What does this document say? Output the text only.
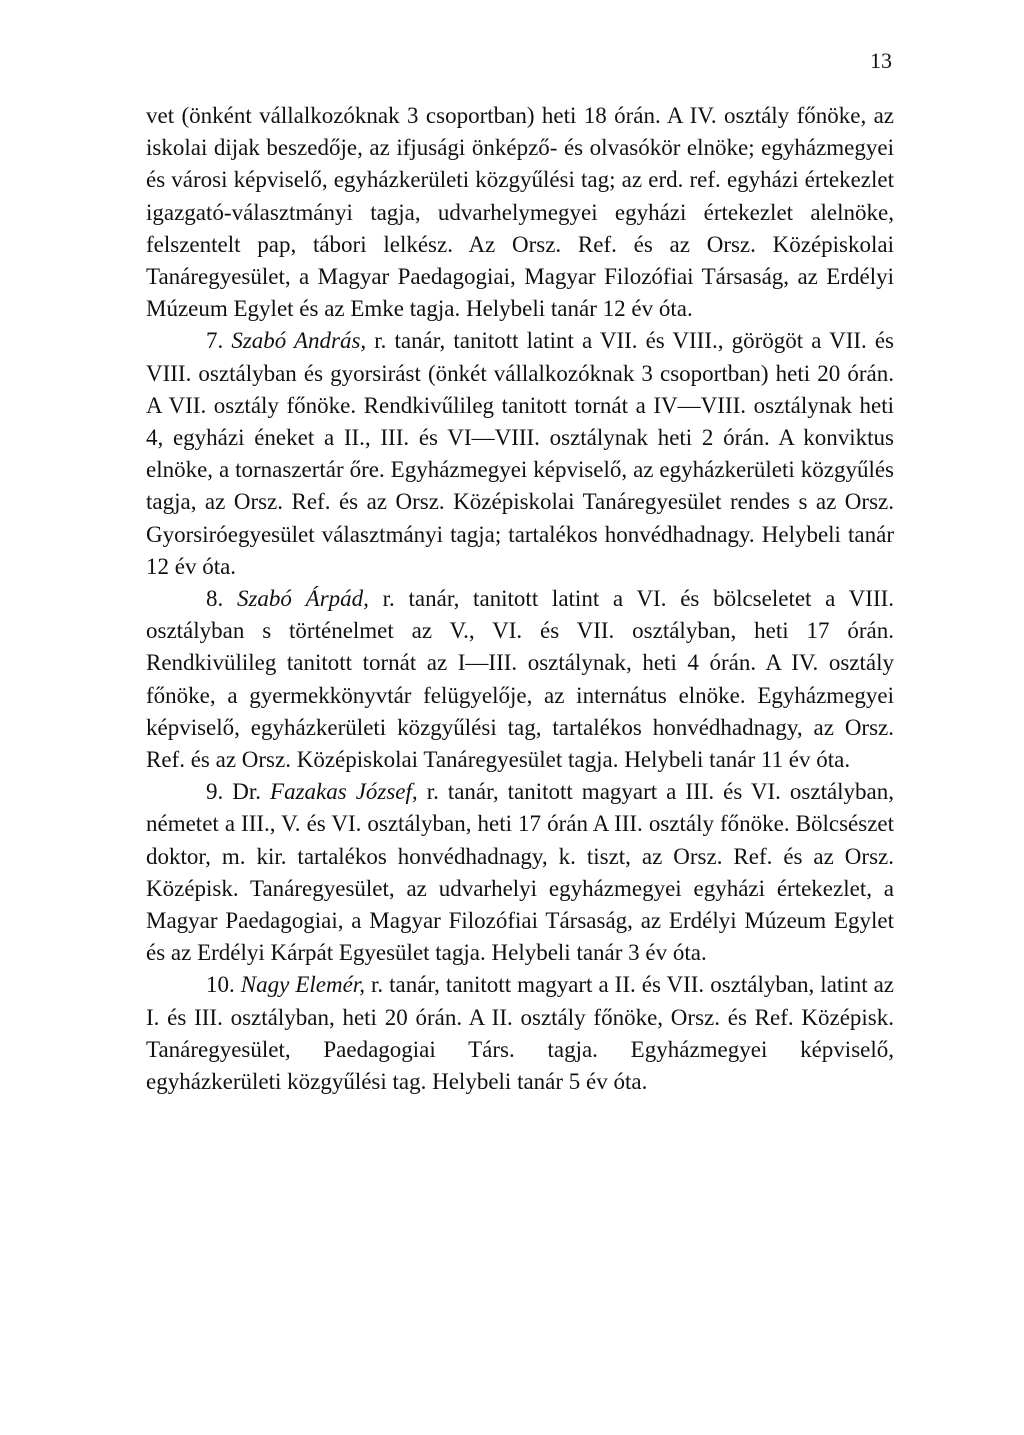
13

vet (önként vállalkozóknak 3 csoportban) heti 18 órán. A IV. osztály főnöke, az iskolai dijak beszedője, az ifjusági önképző- és olvasókör elnöke; egyházmegyei és városi képviselő, egyházkerületi közgyűlési tag; az erd. ref. egyházi értekezlet igazgató-választmányi tagja, udvarhelymegyei egyházi értekezlet alelnöke, felszentelt pap, tábori lelkész. Az Orsz. Ref. és az Orsz. Középiskolai Tanáregyesület, a Magyar Paedagogiai, Magyar Filozófiai Társaság, az Erdélyi Múzeum Egylet és az Emke tagja. Helybeli tanár 12 év óta.

7. Szabó András, r. tanár, tanitott latint a VII. és VIII., görögöt a VII. és VIII. osztályban és gyorsirást (önkét vállalkozóknak 3 csoportban) heti 20 órán. A VII. osztály főnöke. Rendkivűlileg tanitott tornát a IV—VIII. osztálynak heti 4, egyházi éneket a II., III. és VI—VIII. osztálynak heti 2 órán. A konviktus elnöke, a tornaszertár őre. Egyházmegyei képviselő, az egyházkerületi közgyűlés tagja, az Orsz. Ref. és az Orsz. Középiskolai Tanáregyesület rendes s az Orsz. Gyorsiróegyesület választmányi tagja; tartalékos honvédhadnagy. Helybeli tanár 12 év óta.

8. Szabó Árpád, r. tanár, tanitott latint a VI. és bölcseletet a VIII. osztályban s történelmet az V., VI. és VII. osztályban, heti 17 órán. Rendkivülileg tanitott tornát az I—III. osztálynak, heti 4 órán. A IV. osztály főnöke, a gyermekkönyvtár felügyelője, az internátus elnöke. Egyházmegyei képviselő, egyházkerületi közgyűlési tag, tartalékos honvédhadnagy, az Orsz. Ref. és az Orsz. Középiskolai Tanáregyesület tagja. Helybeli tanár 11 év óta.

9. Dr. Fazakas József, r. tanár, tanitott magyart a III. és VI. osztályban, németet a III., V. és VI. osztályban, heti 17 órán A III. osztály főnöke. Bölcsészet doktor, m. kir. tartalékos honvédhadnagy, k. tiszt, az Orsz. Ref. és az Orsz. Középisk. Tanáregyesület, az udvarhelyi egyházmegyei egyházi értekezlet, a Magyar Paedagogiai, a Magyar Filozófiai Társaság, az Erdélyi Múzeum Egylet és az Erdélyi Kárpát Egyesület tagja. Helybeli tanár 3 év óta.

10. Nagy Elemér, r. tanár, tanitott magyart a II. és VII. osztályban, latint az I. és III. osztályban, heti 20 órán. A II. osztály főnöke, Orsz. és Ref. Középisk. Tanáregyesület, Paedagogiai Társ. tagja. Egyházmegyei képviselő, egyházkerületi közgyűlési tag. Helybeli tanár 5 év óta.
